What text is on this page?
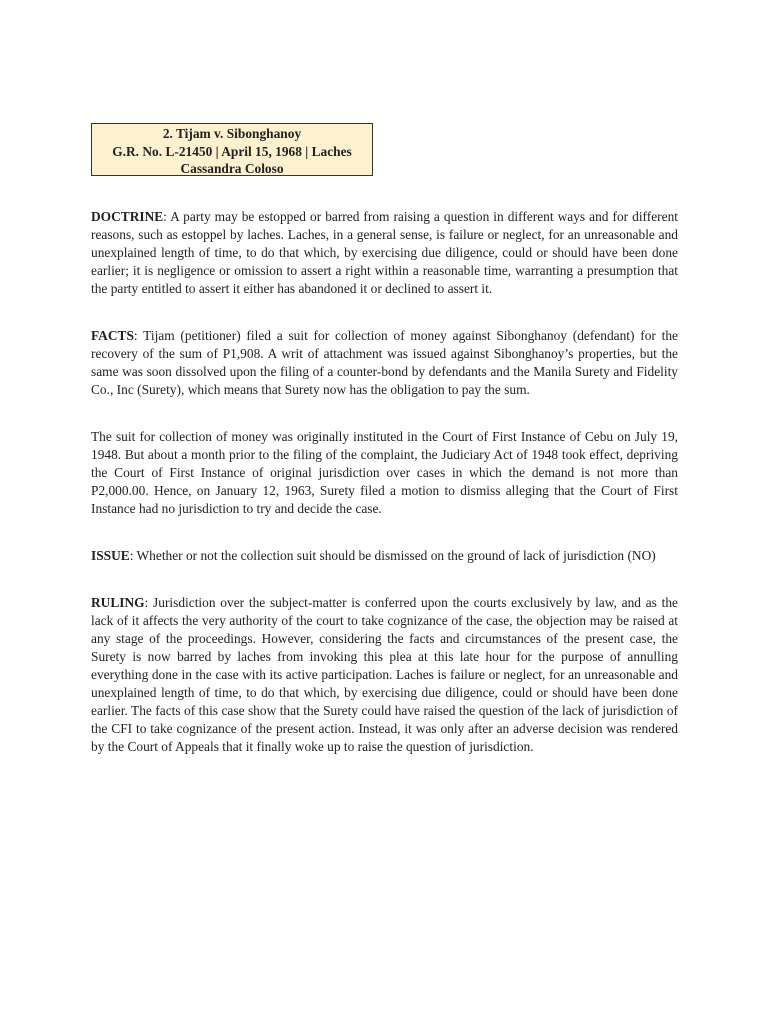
2. Tijam v. Sibonghanoy
G.R. No. L-21450 | April 15, 1968 | Laches
Cassandra Coloso

DOCTRINE: A party may be estopped or barred from raising a question in different ways and for different reasons, such as estoppel by laches. Laches, in a general sense, is failure or neglect, for an unreasonable and unexplained length of time, to do that which, by exercising due diligence, could or should have been done earlier; it is negligence or omission to assert a right within a reasonable time, warranting a presumption that the party entitled to assert it either has abandoned it or declined to assert it.

FACTS: Tijam (petitioner) filed a suit for collection of money against Sibonghanoy (defendant) for the recovery of the sum of P1,908. A writ of attachment was issued against Sibonghanoy’s properties, but the same was soon dissolved upon the filing of a counter-bond by defendants and the Manila Surety and Fidelity Co., Inc (Surety), which means that Surety now has the obligation to pay the sum.

The suit for collection of money was originally instituted in the Court of First Instance of Cebu on July 19, 1948. But about a month prior to the filing of the complaint, the Judiciary Act of 1948 took effect, depriving the Court of First Instance of original jurisdiction over cases in which the demand is not more than P2,000.00. Hence, on January 12, 1963, Surety filed a motion to dismiss alleging that the Court of First Instance had no jurisdiction to try and decide the case.

ISSUE: Whether or not the collection suit should be dismissed on the ground of lack of jurisdiction (NO)

RULING: Jurisdiction over the subject-matter is conferred upon the courts exclusively by law, and as the lack of it affects the very authority of the court to take cognizance of the case, the objection may be raised at any stage of the proceedings. However, considering the facts and circumstances of the present case, the Surety is now barred by laches from invoking this plea at this late hour for the purpose of annulling everything done in the case with its active participation. Laches is failure or neglect, for an unreasonable and unexplained length of time, to do that which, by exercising due diligence, could or should have been done earlier. The facts of this case show that the Surety could have raised the question of the lack of jurisdiction of the CFI to take cognizance of the present action. Instead, it was only after an adverse decision was rendered by the Court of Appeals that it finally woke up to raise the question of jurisdiction.
